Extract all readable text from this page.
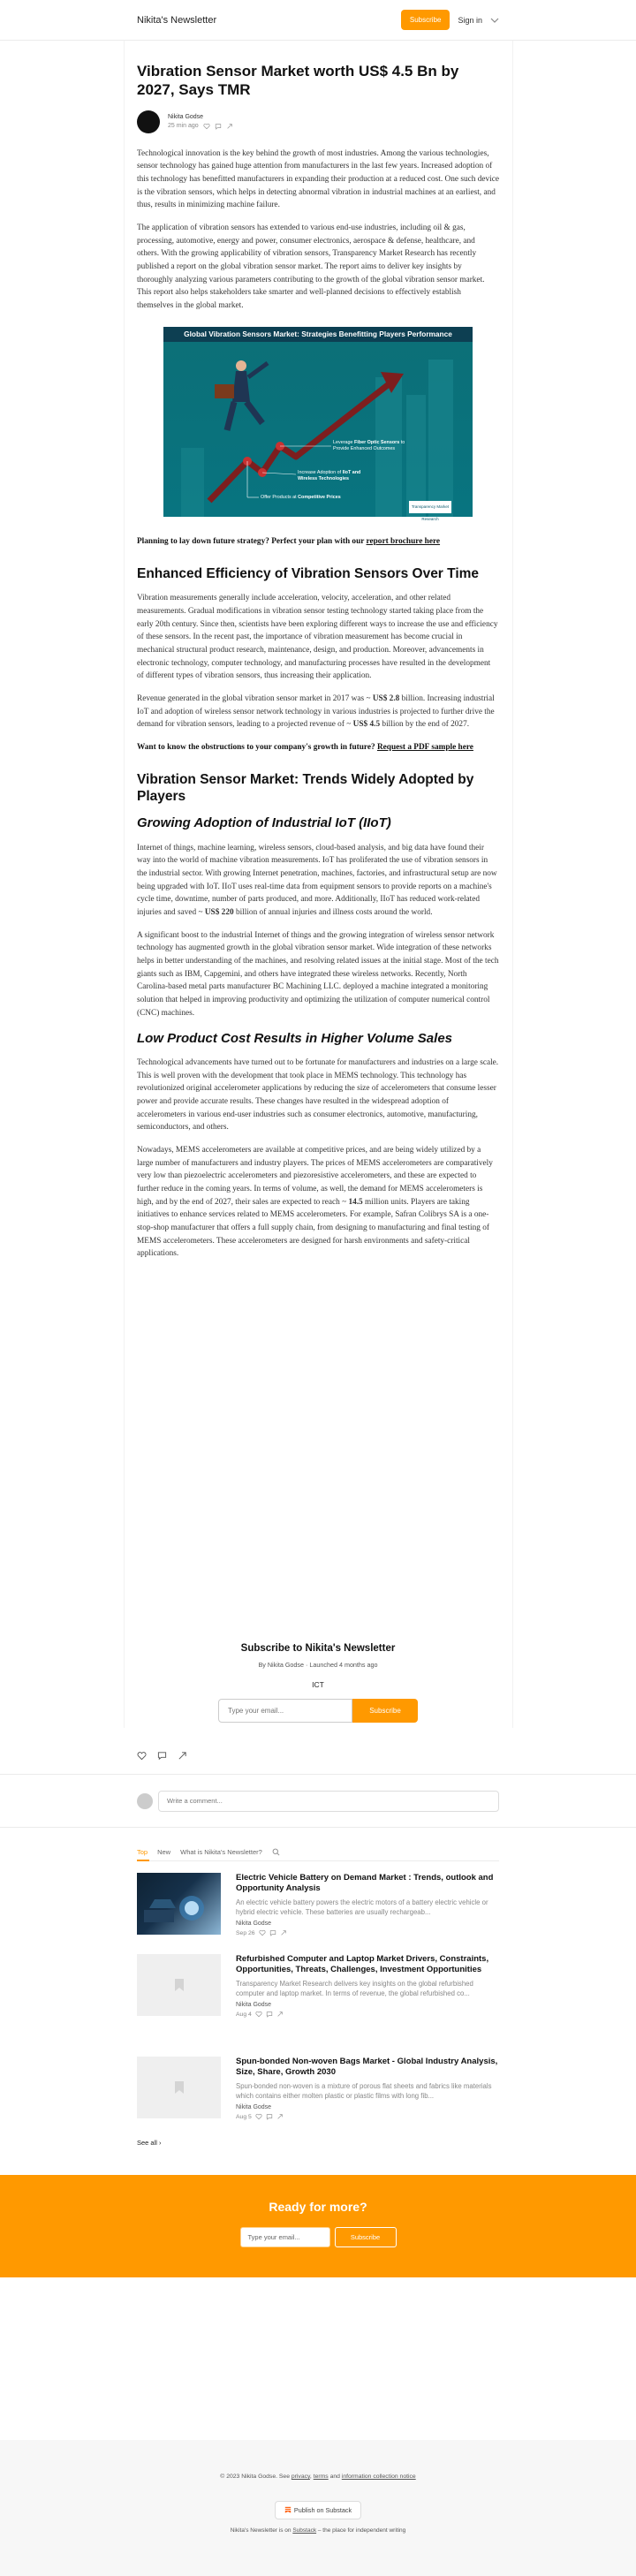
Nikita's Newsletter	Subscribe	Sign in
Vibration Sensor Market worth US$ 4.5 Bn by 2027, Says TMR
Nikita Godse
25 min ago

Technological innovation is the key behind the growth of most industries. Among the various technologies, sensor technology has gained huge attention from manufacturers in the last few years. Increased adoption of this technology has benefitted manufacturers in expanding their production at a reduced cost. One such device is the vibration sensors, which helps in detecting abnormal vibration in industrial machines at an earliest, and thus, results in minimizing machine failure.

The application of vibration sensors has extended to various end-use industries, including oil & gas, processing, automotive, energy and power, consumer electronics, aerospace & defense, healthcare, and others. With the growing applicability of vibration sensors, Transparency Market Research has recently published a report on the global vibration sensor market. The report aims to deliver key insights by thoroughly analyzing various parameters contributing to the growth of the global vibration sensor market. This report also helps stakeholders take smarter and well-planned decisions to effectively establish themselves in the global market.

Global Vibration Sensors Market: Strategies Benefitting Players Performance
Leverage Fiber Optic Sensors to Provide Enhanced Outcomes
Increase Adoption of IIoT and Wireless Technologies
Offer Products at Competitive Prices
Transparency Market Research

Planning to lay down future strategy? Perfect your plan with our report brochure here

Enhanced Efficiency of Vibration Sensors Over Time

Vibration measurements generally include acceleration, velocity, acceleration, and other related measurements. Gradual modifications in vibration sensor testing technology started taking place from the early 20th century. Since then, scientists have been exploring different ways to increase the use and efficiency of these sensors. In the recent past, the importance of vibration measurement has become crucial in mechanical structural product research, maintenance, design, and production. Moreover, advancements in electronic technology, computer technology, and manufacturing processes have resulted in the development of different types of vibration sensors, thus increasing their application.

Revenue generated in the global vibration sensor market in 2017 was ~ US$ 2.8 billion. Increasing industrial IoT and adoption of wireless sensor network technology in various industries is projected to further drive the demand for vibration sensors, leading to a projected revenue of ~ US$ 4.5 billion by the end of 2027.

Want to know the obstructions to your company's growth in future? Request a PDF sample here

Vibration Sensor Market: Trends Widely Adopted by Players
Growing Adoption of Industrial IoT (IIoT)

Internet of things, machine learning, wireless sensors, cloud-based analysis, and big data have found their way into the world of machine vibration measurements. IoT has proliferated the use of vibration sensors in the industrial sector. With growing Internet penetration, machines, factories, and infrastructural setup are now being upgraded with IoT. IIoT uses real-time data from equipment sensors to provide reports on a machine's cycle time, downtime, number of parts produced, and more. Additionally, IIoT has reduced work-related injuries and saved ~ US$ 220 billion of annual injuries and illness costs around the world.

A significant boost to the industrial Internet of things and the growing integration of wireless sensor network technology has augmented growth in the global vibration sensor market. Wide integration of these networks helps in better understanding of the machines, and resolving related issues at the initial stage. Most of the tech giants such as IBM, Capgemini, and others have integrated these wireless networks. Recently, North Carolina-based metal parts manufacturer BC Machining LLC. deployed a machine integrated a monitoring solution that helped in improving productivity and optimizing the utilization of computer numerical control (CNC) machines.

Low Product Cost Results in Higher Volume Sales

Technological advancements have turned out to be fortunate for manufacturers and industries on a large scale. This is well proven with the development that took place in MEMS technology. This technology has revolutionized original accelerometer applications by reducing the size of accelerometers that consume lesser power and provide accurate results. These changes have resulted in the widespread adoption of accelerometers in various end-user industries such as consumer electronics, automotive, manufacturing, semiconductors, and others.

Nowadays, MEMS accelerometers are available at competitive prices, and are being widely utilized by a large number of manufacturers and industry players. The prices of MEMS accelerometers are comparatively very low than piezoelectric accelerometers and piezoresistive accelerometers, and these are expected to further reduce in the coming years. In terms of volume, as well, the demand for MEMS accelerometers is high, and by the end of 2027, their sales are expected to reach ~ 14.5 million units. Players are taking initiatives to enhance services related to MEMS accelerometers. For example, Safran Colibrys SA is a one-stop-shop manufacturer that offers a full supply chain, from designing to manufacturing and final testing of MEMS accelerometers. These accelerometers are designed for harsh environments and safety-critical applications.

Subscribe to Nikita's Newsletter
By Nikita Godse · Launched 4 months ago
ICT
Type your email...
Subscribe
Write a comment...
Top New What is Nikita's Newsletter?
Electric Vehicle Battery on Demand Market : Trends, outlook and Opportunity Analysis
An electric vehicle battery powers the electric motors of a battery electric vehicle or hybrid electric vehicle. These batteries are usually rechargeab...
Nikita Godse
Sep 26
Refurbished Computer and Laptop Market Drivers, Constraints, Opportunities, Threats, Challenges, Investment Opportunities
Transparency Market Research delivers key insights on the global refurbished computer and laptop market. In terms of revenue, the global refurbished co...
Nikita Godse
Aug 4
Spun-bonded Non-woven Bags Market - Global Industry Analysis, Size, Share, Growth 2030
Spun-bonded non-woven is a mixture of porous flat sheets and fabrics like materials which contains either molten plastic or plastic films with long fib...
Nikita Godse
Aug 5
See all ›
Ready for more?
Type your email...	Subscribe
© 2023 Nikita Godse. See privacy, terms and information collection notice
Publish on Substack
Nikita's Newsletter is on Substack – the place for independent writing
